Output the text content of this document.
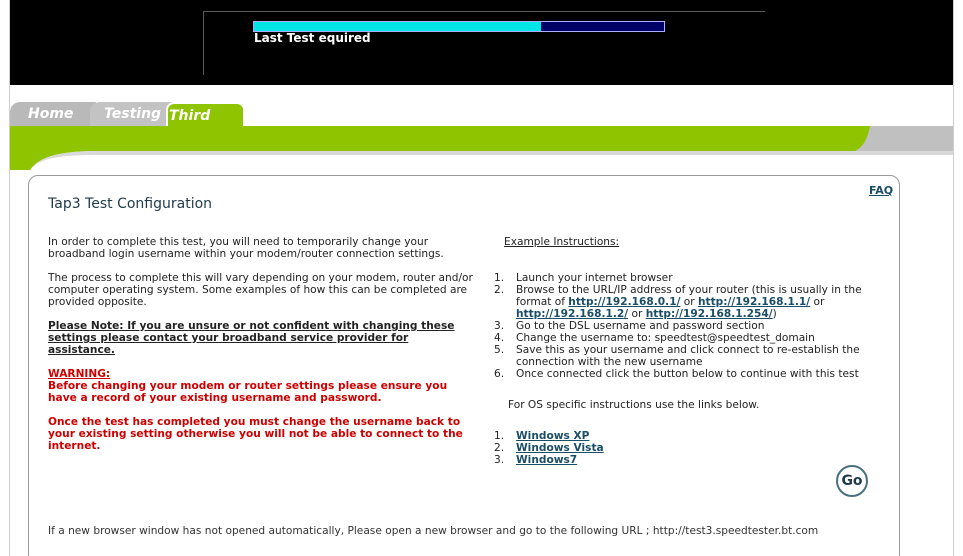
Last Test equired
Home	Testing Third
FAQ
Tap3 Test Configuration

In order to complete this test, you will need to temporarily change your broadband login username within your modem/router connection settings.

The process to complete this will vary depending on your modem, router and/or computer operating system. Some examples of how this can be completed are provided opposite.

Please Note: If you are unsure or not confident with changing these settings please contact your broadband service provider for assistance.

WARNING:

Before changing your modem or router settings please ensure you have a record of your existing username and password.

Once the test has completed you must change the username back to your existing setting otherwise you will not be able to connect to the internet.

Example Instructions:
1. Launch your internet browser
2. Browse to the URL/IP address of your router (this is usually in the format of http://192.168.0.1/ or http://192.168.1.1/ or http://192.168.1.2/ or http://192.168.1.254/)
3. Go to the DSL username and password section
4. Change the username to: speedtest@speedtest_domain
5. Save this as your username and click connect to re-establish the connection with the new username
6. Once connected click the button below to continue with this test
For OS specific instructions use the links below.
1. Windows XP
2. Windows Vista
3. Windows7
Go
If a new browser window has not opened automatically, Please open a new browser and go to the following URL ; http://test3.speedtester.bt.com
